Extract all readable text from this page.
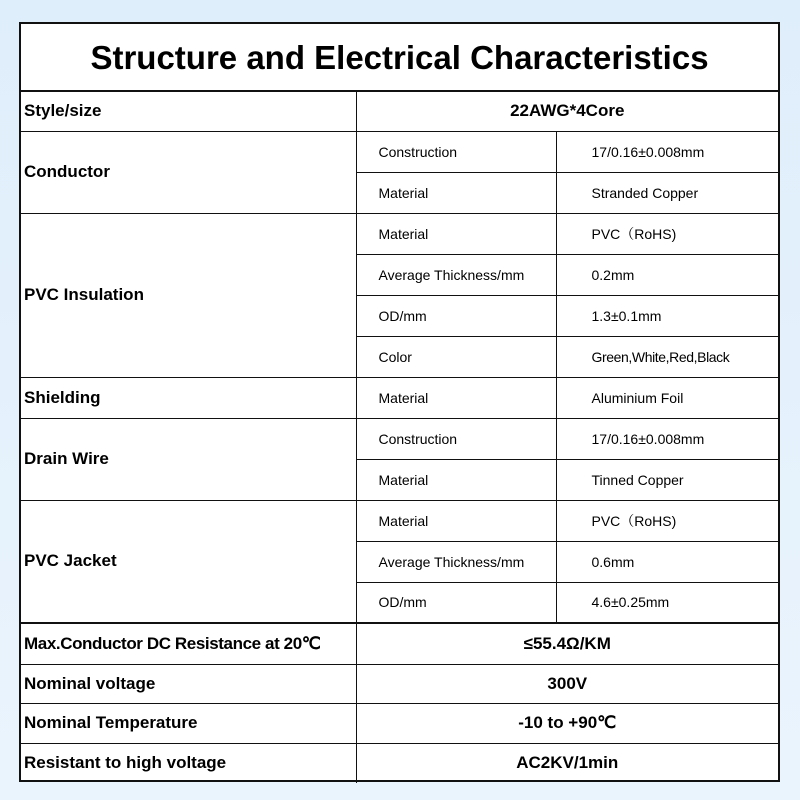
Structure and Electrical Characteristics
Style/size	22AWG*4Core	
Conductor	Construction	17/0.16±0.008mm
	Material	Stranded Copper
PVC Insulation	Material	PVC（RoHS)
	Average Thickness/mm	0.2mm
	OD/mm	1.3±0.1mm
	Color	Green,White,Red,Black
Shielding	Material	Aluminium Foil
Drain Wire	Construction	17/0.16±0.008mm
	Material	Tinned Copper
PVC Jacket	Material	PVC（RoHS)
	Average Thickness/mm	0.6mm
	OD/mm	4.6±0.25mm
Max.Conductor DC Resistance at 20℃	≤55.4Ω/KM	
Nominal voltage	300V	
Nominal Temperature	-10 to +90℃	
Resistant to high voltage	AC2KV/1min	
